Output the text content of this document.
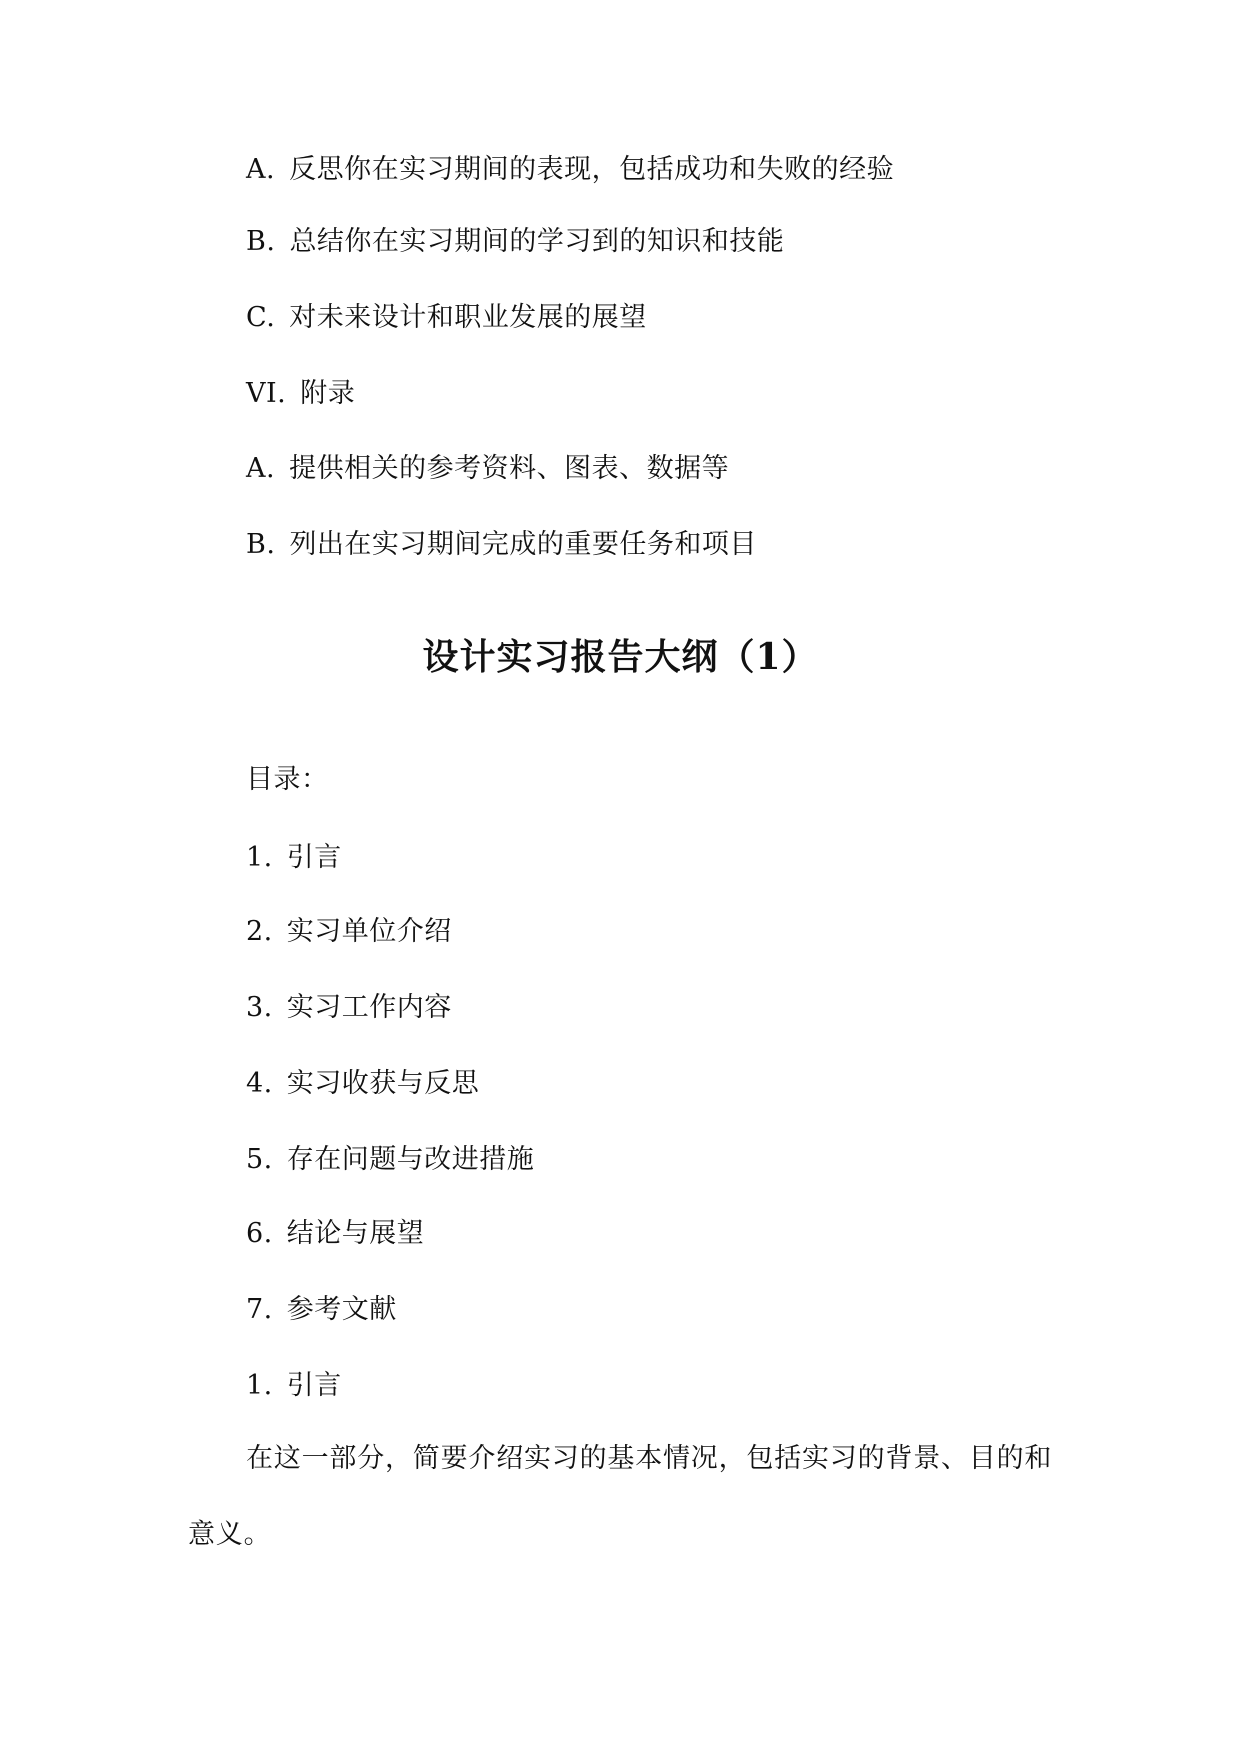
A. 反思你在实习期间的表现，包括成功和失败的经验
B. 总结你在实习期间的学习到的知识和技能
C. 对未来设计和职业发展的展望
VI. 附录
A. 提供相关的参考资料、图表、数据等
B. 列出在实习期间完成的重要任务和项目
设计实习报告大纲（1）
目录：
1. 引言
2. 实习单位介绍
3. 实习工作内容
4. 实习收获与反思
5. 存在问题与改进措施
6. 结论与展望
7. 参考文献
1. 引言
在这一部分，简要介绍实习的基本情况，包括实习的背景、目的和意义。
